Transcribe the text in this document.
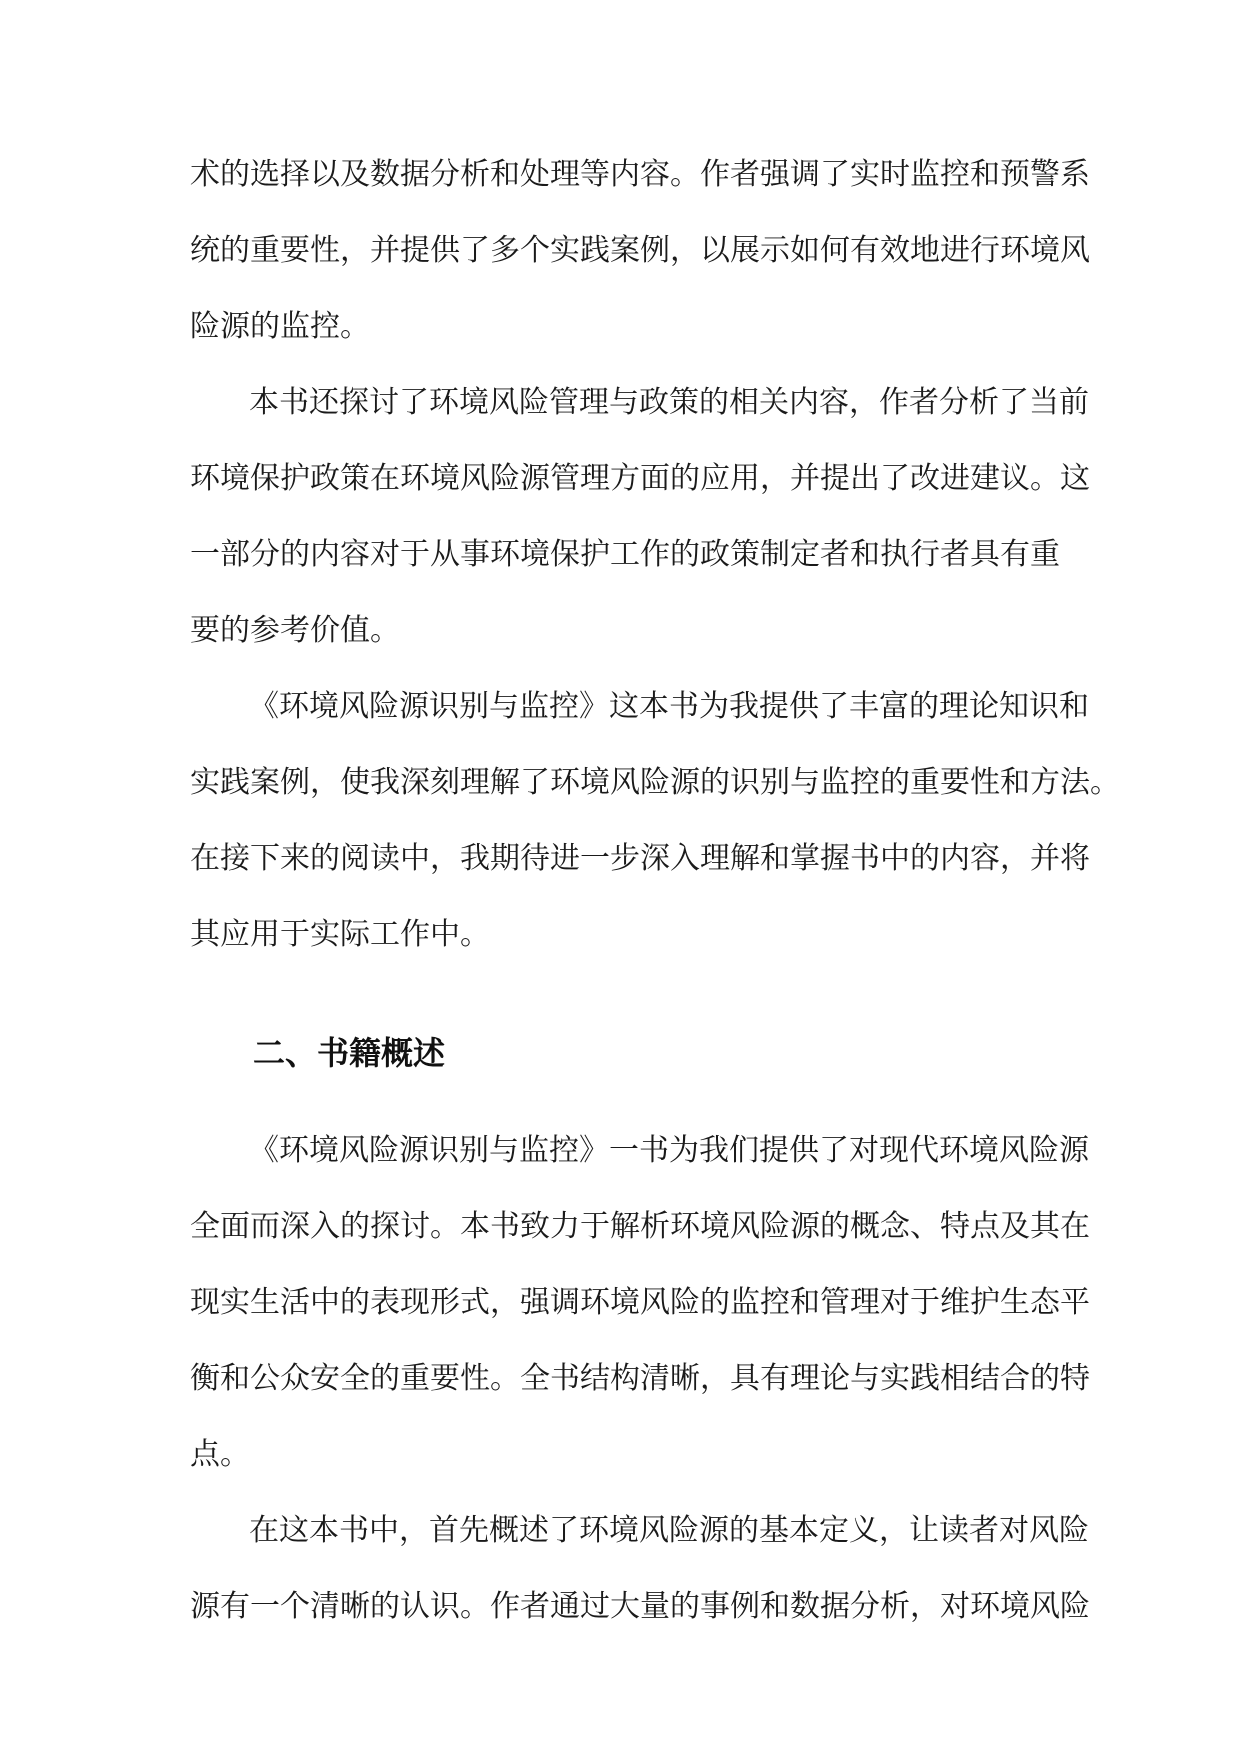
术的选择以及数据分析和处理等内容。作者强调了实时监控和预警系
统的重要性，并提供了多个实践案例，以展示如何有效地进行环境风
险源的监控。
本书还探讨了环境风险管理与政策的相关内容，作者分析了当前
环境保护政策在环境风险源管理方面的应用，并提出了改进建议。这
一部分的内容对于从事环境保护工作的政策制定者和执行者具有重
要的参考价值。
《环境风险源识别与监控》这本书为我提供了丰富的理论知识和
实践案例，使我深刻理解了环境风险源的识别与监控的重要性和方法。
在接下来的阅读中，我期待进一步深入理解和掌握书中的内容，并将
其应用于实际工作中。
二、书籍概述
《环境风险源识别与监控》一书为我们提供了对现代环境风险源
全面而深入的探讨。本书致力于解析环境风险源的概念、特点及其在
现实生活中的表现形式，强调环境风险的监控和管理对于维护生态平
衡和公众安全的重要性。全书结构清晰，具有理论与实践相结合的特
点。
在这本书中，首先概述了环境风险源的基本定义，让读者对风险
源有一个清晰的认识。作者通过大量的事例和数据分析，对环境风险
